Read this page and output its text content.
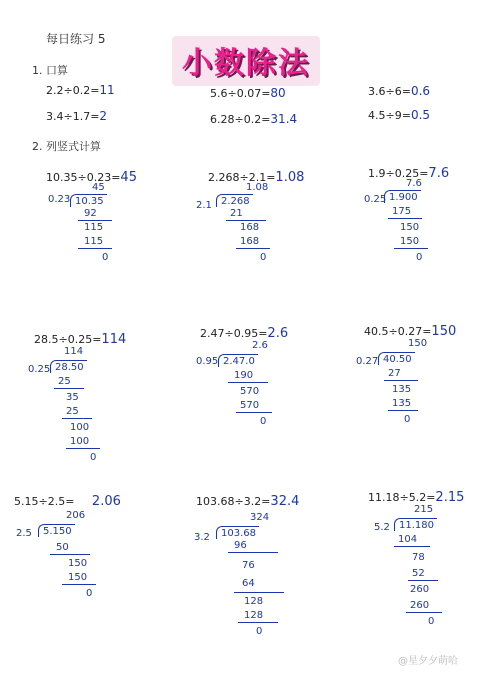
每日练习 5
小数除法
1. 口算
2.2÷0.2=11	5.6÷0.07=80	3.6÷6=0.6
3.4÷1.7=2	6.28÷0.2=31.4	4.5÷9=0.5
2. 列竖式计算
10.35÷0.23=45
45
0.23 10.35
92
115
115
0
2.268÷2.1=1.08
1.08
2.1 2.268
21
168
168
0
1.9÷0.25=7.6
7.6
0.25 1.900
175
150
150
0
28.5÷0.25=114
114
0.25 28.50
25
35
25
100
100
0
2.47÷0.95=2.6
2.6
0.95 2.47.0
190
570
570
0
40.5÷0.27=150
150
0.27 40.50
27
135
135
0
5.15÷2.5= 2.06
206
2.5	5.150
50
150
150
0
103.68÷3.2=32.4
324
3.2	103.68
96
76
64
128
128
0
11.18÷5.2=2.15
215
5.2 11.180
104
78
52
260
260
0
@星夕夕萌哈
